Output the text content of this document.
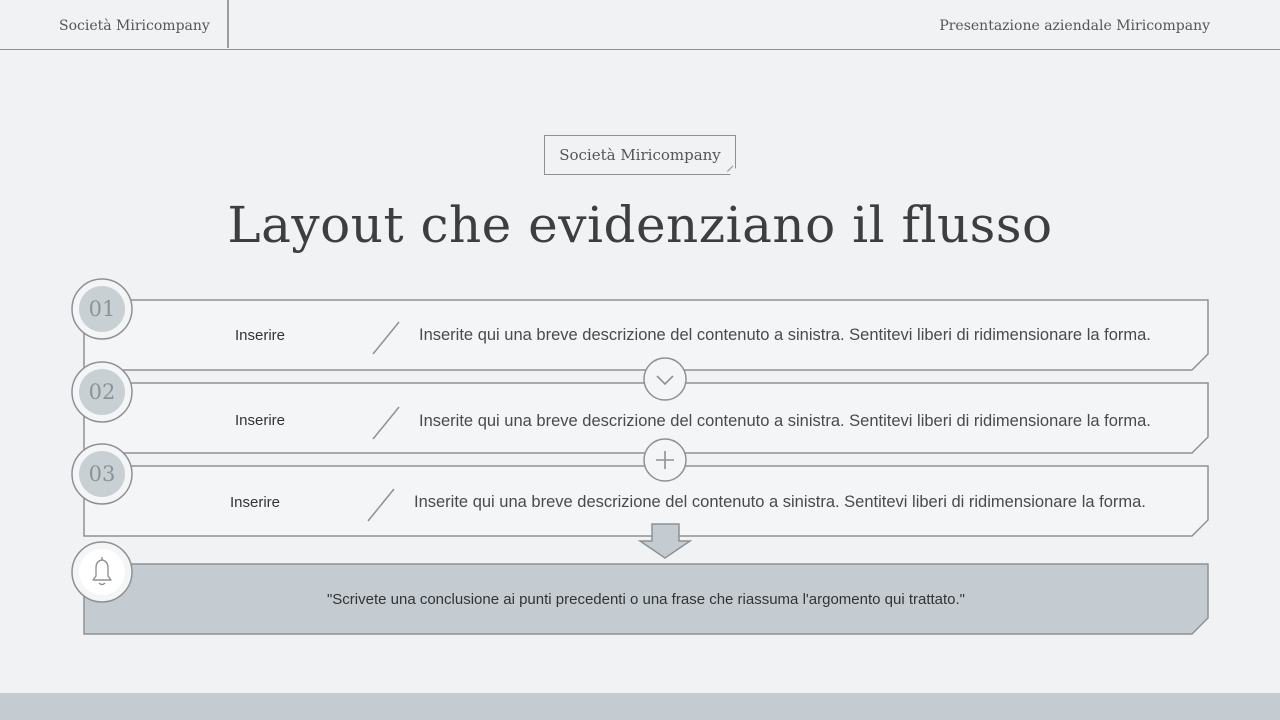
Società Miricompany	Presentazione aziendale Miricompany
Società Miricompany
Layout che evidenziano il flusso
01
02
03
Inserire
Inserire
Inserire
Inserite qui una breve descrizione del contenuto a sinistra. Sentitevi liberi di ridimensionare la forma.
Inserite qui una breve descrizione del contenuto a sinistra. Sentitevi liberi di ridimensionare la forma.
Inserite qui una breve descrizione del contenuto a sinistra. Sentitevi liberi di ridimensionare la forma.
"Scrivete una conclusione ai punti precedenti o una frase che riassuma l'argomento qui trattato."
